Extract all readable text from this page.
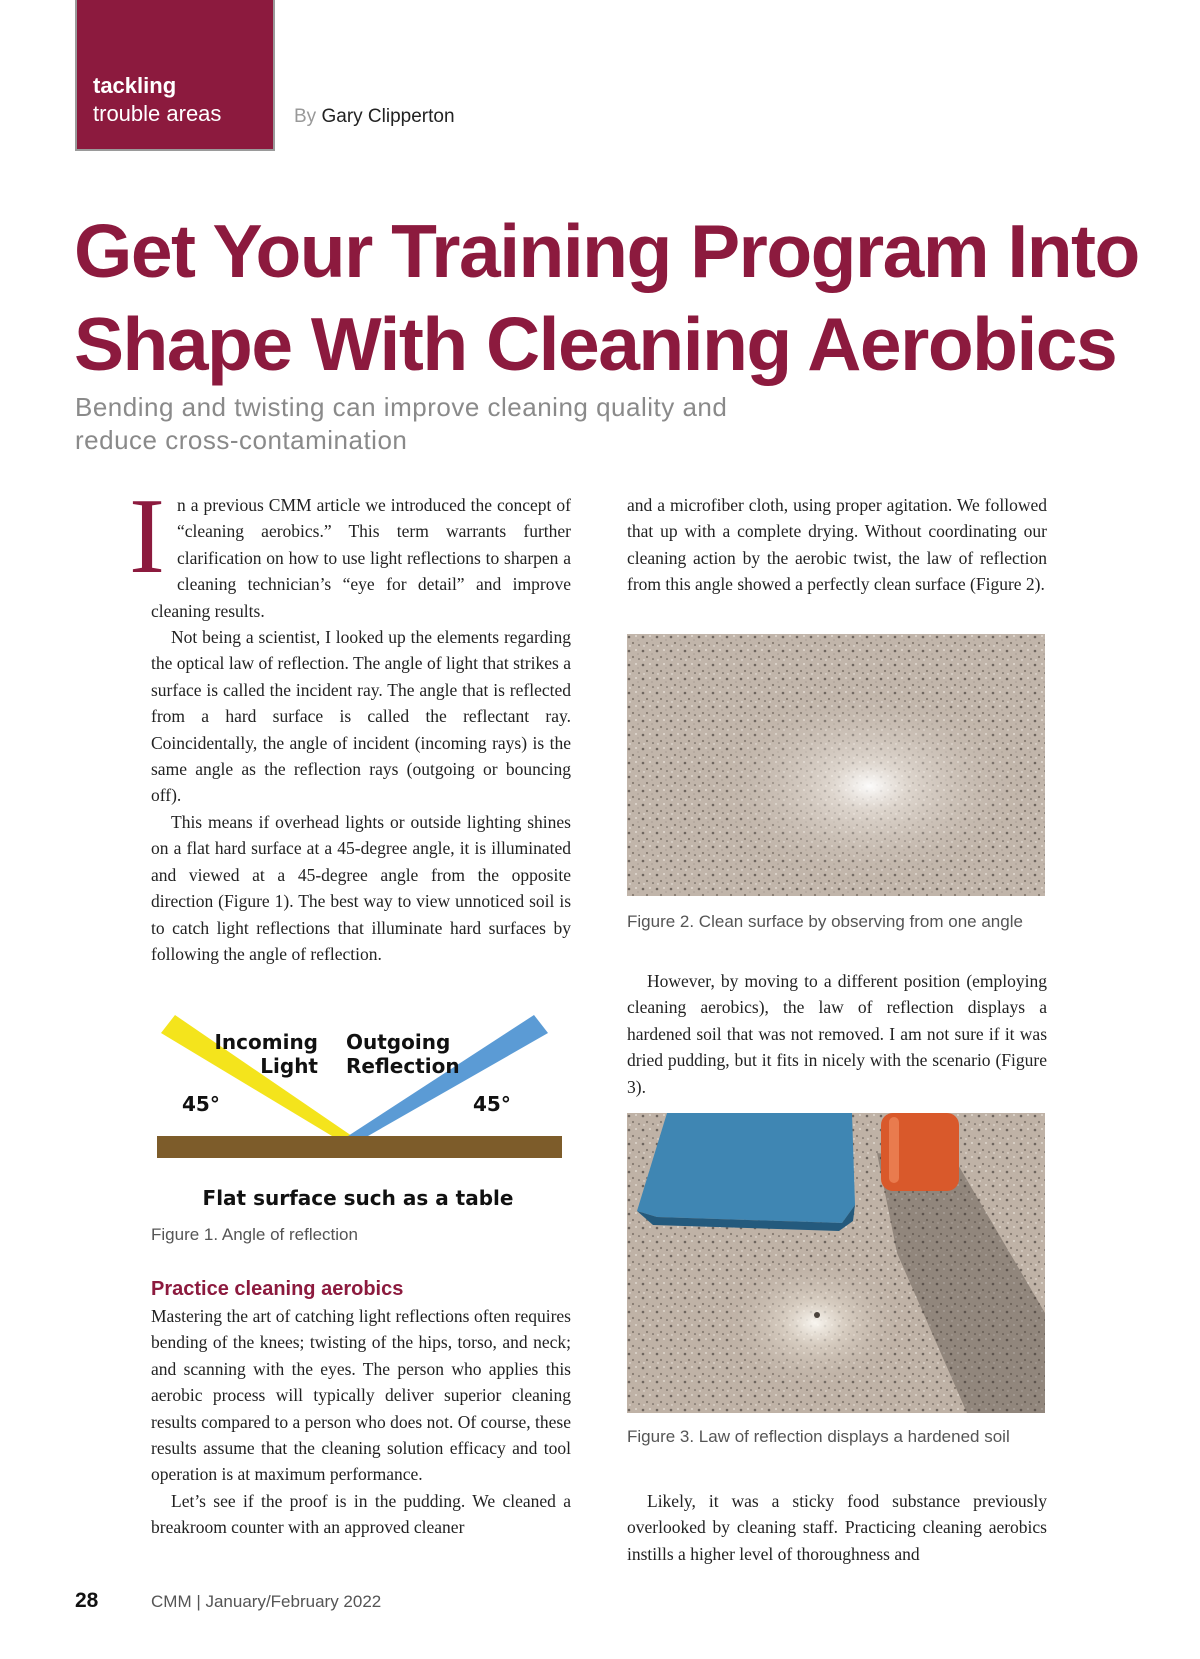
tackling
trouble areas	By Gary Clipperton
Get Your Training Program Into
Shape With Cleaning Aerobics
Bending and twisting can improve cleaning quality and
reduce cross-contamination
I n a previous CMM article we introduced the concept of “cleaning aerobics.” This term warrants further clarification on how to use light reflections to sharpen a cleaning technician’s “eye for detail” and improve cleaning results.

Not being a scientist, I looked up the elements regarding the optical law of reflection. The angle of light that strikes a surface is called the incident ray. The angle that is reflected from a hard surface is called the reflectant ray. Coincidentally, the angle of incident (incoming rays) is the same angle as the reflection rays (outgoing or bouncing off).

This means if overhead lights or outside lighting shines on a flat hard surface at a 45-degree angle, it is illuminated and viewed at a 45-degree angle from the opposite direction (Figure 1). The best way to view unnoticed soil is to catch light reflections that illuminate hard surfaces by following the angle of reflection.

Incoming
Light
Outgoing
Reflection
45°	45°
Flat surface such as a table
Figure 1. Angle of reflection
Practice cleaning aerobics

Mastering the art of catching light reflections often requires bending of the knees; twisting of the hips, torso, and neck; and scanning with the eyes. The person who applies this aerobic process will typically deliver superior cleaning results compared to a person who does not. Of course, these results assume that the cleaning solution efficacy and tool operation is at maximum performance.

Let’s see if the proof is in the pudding. We cleaned a breakroom counter with an approved cleaner

and a microfiber cloth, using proper agitation. We followed that up with a complete drying. Without coordinating our cleaning action by the aerobic twist, the law of reflection from this angle showed a perfectly clean surface (Figure 2).

Figure 2. Clean surface by observing from one angle

However, by moving to a different position (employing cleaning aerobics), the law of reflection displays a hardened soil that was not removed. I am not sure if it was dried pudding, but it fits in nicely with the scenario (Figure 3).

Figure 3. Law of reflection displays a hardened soil

Likely, it was a sticky food substance previously overlooked by cleaning staff. Practicing cleaning aerobics instills a higher level of thoroughness and

28	CMM | January/February 2022
